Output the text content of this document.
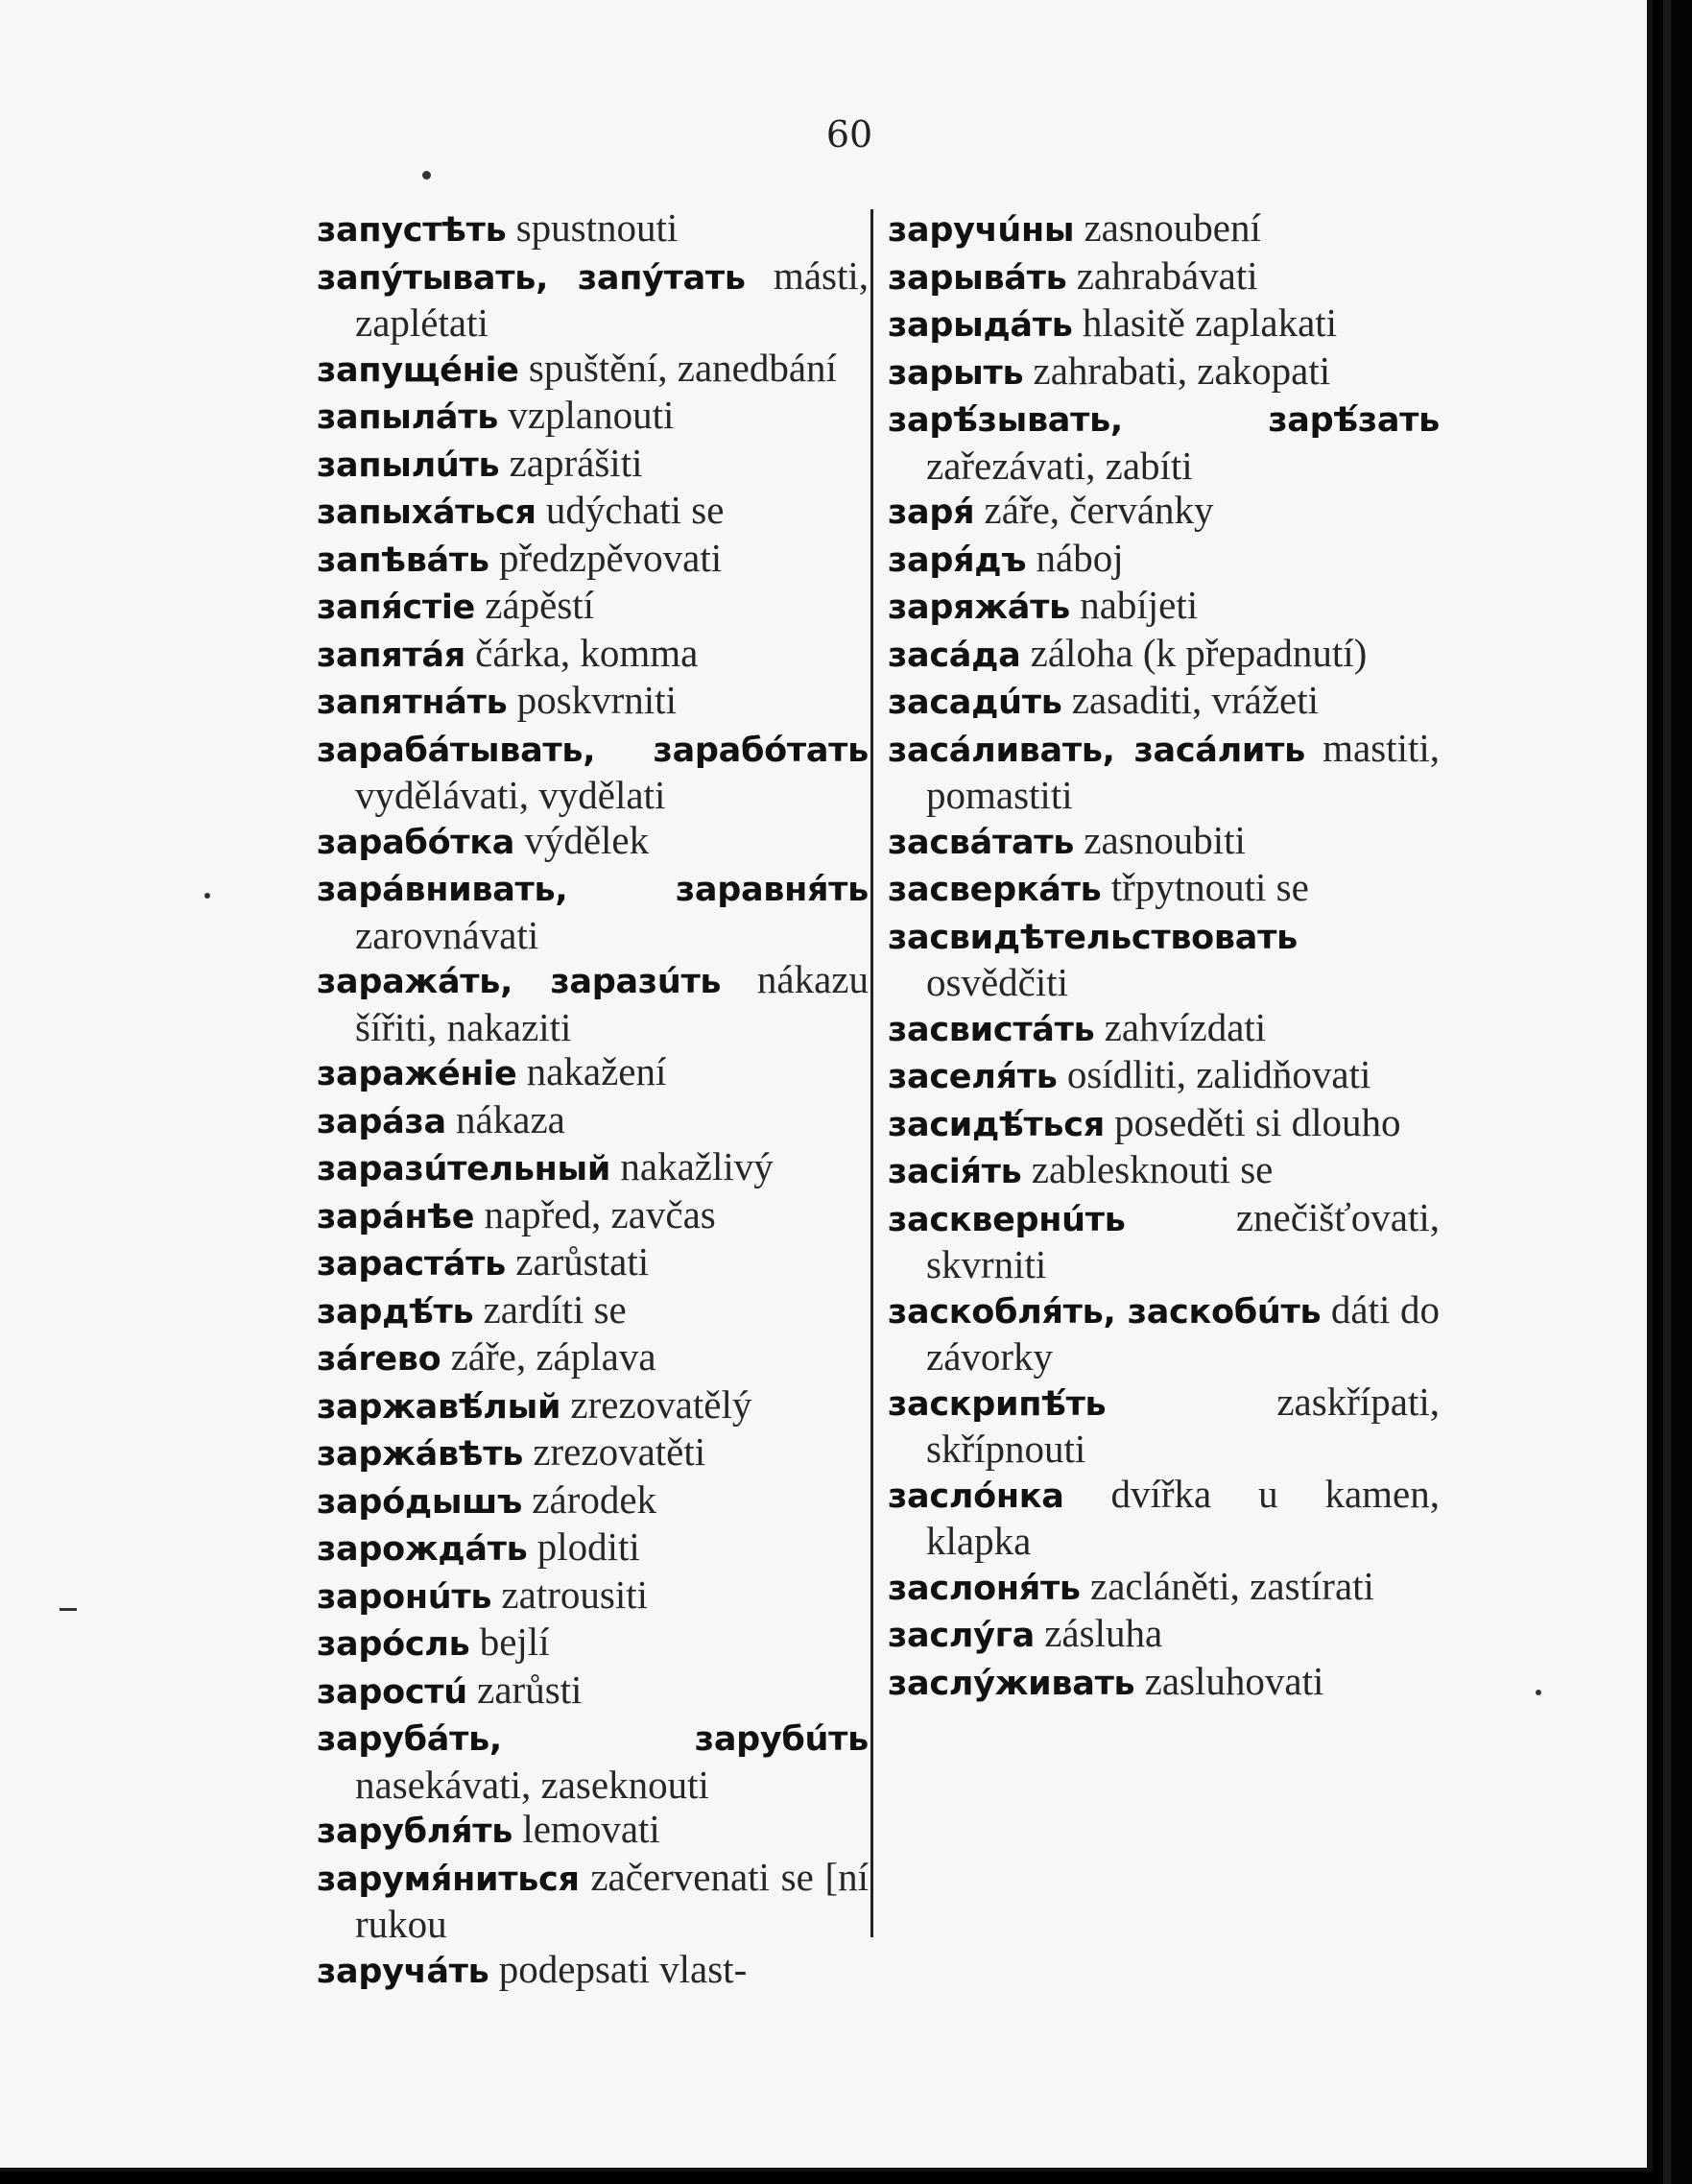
60

запустѣть spustnouti

запýтывать, запýтать másti, zaplétati

запущéніе spuštění, zanedbání

запылáть vzplanouti

запылúть zaprášiti

запыхáться udýchati se

запѣвáть předzpěvovati

запя́стіе zápěstí

запятáя čárka, komma

запятнáть poskvrniti

зарабáтывать, зарабóтать vydělávati, vydělati

зарабóтка výdělek

зарáвнивать, заравня́ть zarovnávati

заражáть, заразúть nákazu šířiti, nakaziti

заражéніе nakažení

зарáза nákaza

заразúтельный nakažlivý

зарáнѣе napřed, zavčas

зарастáть zarůstati

зардѣ́ть zardíti se

зárево záře, záplava

заржавѣ́лый zrezovatělý

заржáвѣть zrezovatěti

зарóдышъ zárodek

зарождáть ploditi

заронúть zatrousiti

зарóсль bejlí

заростú zarůsti

зарубáть, зарубúть nasekávati, zaseknouti

зарубля́ть lemovati

зарумя́ниться začervenati se [ní rukou

заручáть podepsati vlast-

заручúны zasnoubení

зарывáть zahrabávati

зарыдáть hlasitě zaplakati

зарыть zahrabati, zakopati

зарѣ́зывать, зарѣ́зать zařezávati, zabíti

заря́ záře, červánky

заря́дъ náboj

заряжáть nabíjeti

засáда záloha (k přepadnutí)

засадúть zasaditi, vrážeti

засáливать, засáлить mastiti, pomastiti

засвáтать zasnoubiti

засверкáть třpytnouti se

засвидѣтельствовать osvědčiti

засвистáть zahvízdati

заселя́ть osídliti, zalidňovati

засидѣ́ться poseděti si dlouho

засія́ть zablesknouti se

засквернúть	znečišťovati, skvrniti

заскобля́ть, заскобúть dáti do závorky

заскрипѣ́ть	zaskřípati, skřípnouti

заслóнка dvířka u kamen, klapka

заслоня́ть zacláněti, zastírati

заслýга zásluha

заслýживать zasluhovati
